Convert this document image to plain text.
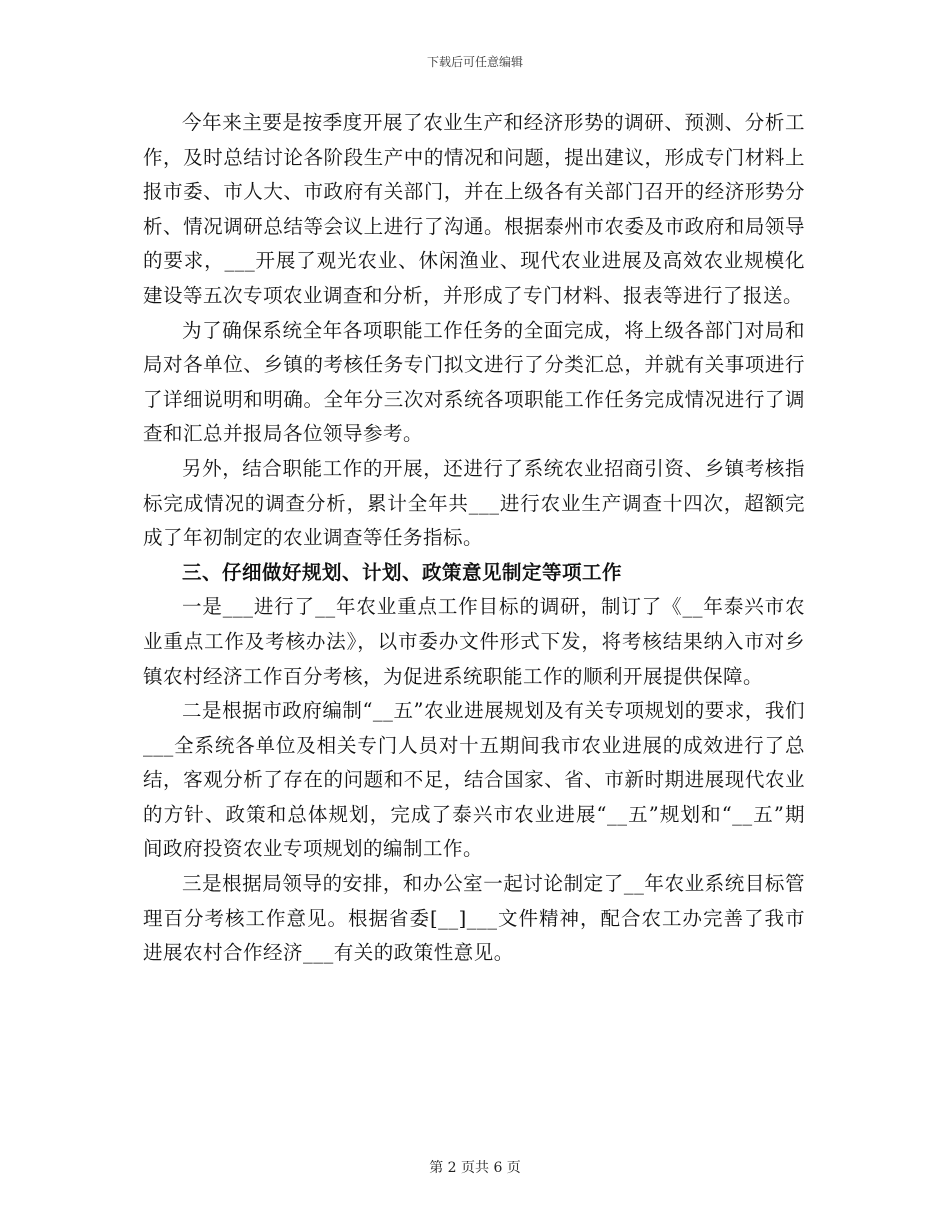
下载后可任意编辑

今年来主要是按季度开展了农业生产和经济形势的调研、预测、分析工作，及时总结讨论各阶段生产中的情况和问题，提出建议，形成专门材料上报市委、市人大、市政府有关部门，并在上级各有关部门召开的经济形势分析、情况调研总结等会议上进行了沟通。根据泰州市农委及市政府和局领导的要求，___开展了观光农业、休闲渔业、现代农业进展及高效农业规模化建设等五次专项农业调查和分析，并形成了专门材料、报表等进行了报送。

为了确保系统全年各项职能工作任务的全面完成，将上级各部门对局和局对各单位、乡镇的考核任务专门拟文进行了分类汇总，并就有关事项进行了详细说明和明确。全年分三次对系统各项职能工作任务完成情况进行了调查和汇总并报局各位领导参考。

另外，结合职能工作的开展，还进行了系统农业招商引资、乡镇考核指标完成情况的调查分析，累计全年共___进行农业生产调查十四次，超额完成了年初制定的农业调查等任务指标。

三、仔细做好规划、计划、政策意见制定等项工作

一是___进行了__年农业重点工作目标的调研，制订了《__年泰兴市农业重点工作及考核办法》，以市委办文件形式下发，将考核结果纳入市对乡镇农村经济工作百分考核，为促进系统职能工作的顺利开展提供保障。

二是根据市政府编制“__五”农业进展规划及有关专项规划的要求，我们___全系统各单位及相关专门人员对十五期间我市农业进展的成效进行了总结，客观分析了存在的问题和不足，结合国家、省、市新时期进展现代农业的方针、政策和总体规划，完成了泰兴市农业进展“__五”规划和“__五”期间政府投资农业专项规划的编制工作。

三是根据局领导的安排，和办公室一起讨论制定了__年农业系统目标管理百分考核工作意见。根据省委[__]___文件精神，配合农工办完善了我市进展农村合作经济___有关的政策性意见。

第 2 页共 6 页
